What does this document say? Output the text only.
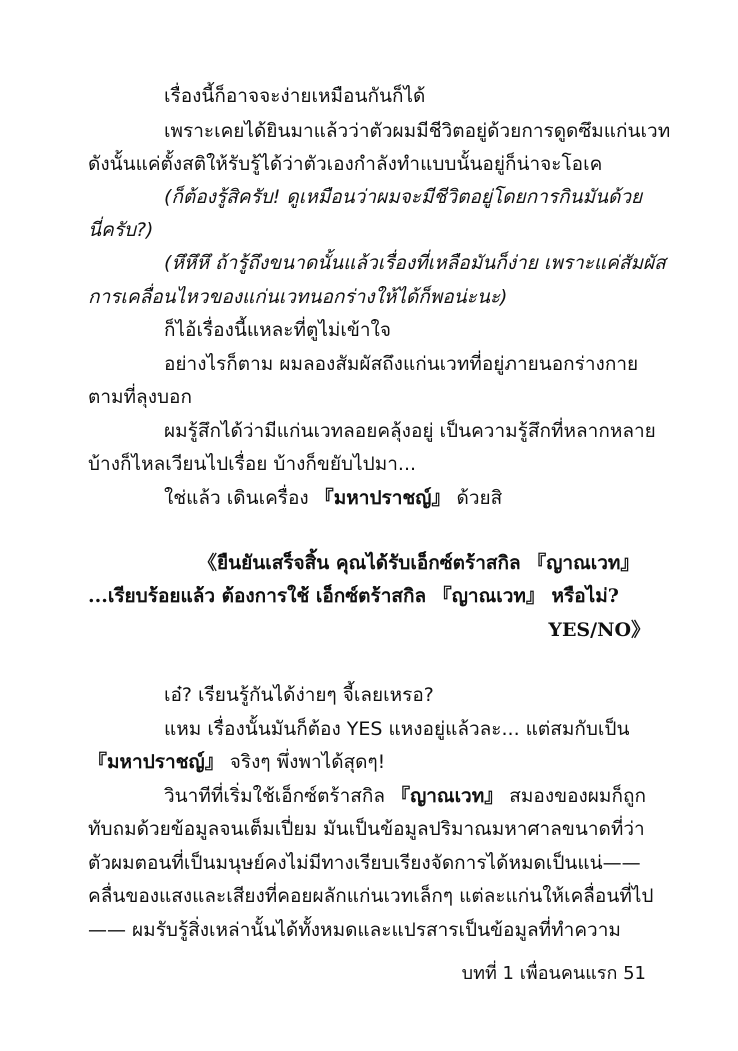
เรื่องนี้ก็อาจจะง่ายเหมือนกันก็ได้
เพราะเคยได้ยินมาแล้วว่าตัวผมมีชีวิตอยู่ด้วยการดูดซึมแก่นเวท
ดังนั้นแค่ตั้งสติให้รับรู้ได้ว่าตัวเองกำลังทำแบบนั้นอยู่ก็น่าจะโอเค
(ก็ต้องรู้สิครับ! ดูเหมือนว่าผมจะมีชีวิตอยู่โดยการกินมันด้วย
นี่ครับ?)
(หึหึหึ ถ้ารู้ถึงขนาดนั้นแล้วเรื่องที่เหลือมันก็ง่าย เพราะแค่สัมผัส
การเคลื่อนไหวของแก่นเวทนอกร่างให้ได้ก็พอน่ะนะ)
ก็ไอ้เรื่องนี้แหละที่ตูไม่เข้าใจ
อย่างไรก็ตาม ผมลองสัมผัสถึงแก่นเวทที่อยู่ภายนอกร่างกาย
ตามที่ลุงบอก
ผมรู้สึกได้ว่ามีแก่นเวทลอยคลุ้งอยู่ เป็นความรู้สึกที่หลากหลาย
บ้างก็ไหลเวียนไปเรื่อย บ้างก็ขยับไปมา...
ใช่แล้ว เดินเครื่อง 『มหาปราชญ์』 ด้วยสิ
《ยืนยันเสร็จสิ้น คุณได้รับเอ็กซ์ตร้าสกิล 『ญาณเวท』
...เรียบร้อยแล้ว ต้องการใช้ เอ็กซ์ตร้าสกิล 『ญาณเวท』 หรือไม่?
YES/NO》
เอ๋? เรียนรู้กันได้ง่ายๆ จี้เลยเหรอ?
แหม เรื่องนั้นมันก็ต้อง YES แหงอยู่แล้วละ... แต่สมกับเป็น
『มหาปราชญ์』 จริงๆ พึ่งพาได้สุดๆ!
วินาทีที่เริ่มใช้เอ็กซ์ตร้าสกิล 『ญาณเวท』 สมองของผมก็ถูก
ทับถมด้วยข้อมูลจนเต็มเปี่ยม มันเป็นข้อมูลปริมาณมหาศาลขนาดที่ว่า
ตัวผมตอนที่เป็นมนุษย์คงไม่มีทางเรียบเรียงจัดการได้หมดเป็นแน่——
คลื่นของแสงและเสียงที่คอยผลักแก่นเวทเล็กๆ แต่ละแก่นให้เคลื่อนที่ไป
—— ผมรับรู้สิ่งเหล่านั้นได้ทั้งหมดและแปรสารเป็นข้อมูลที่ทำความ
บทที่ 1 เพื่อนคนแรก 51
